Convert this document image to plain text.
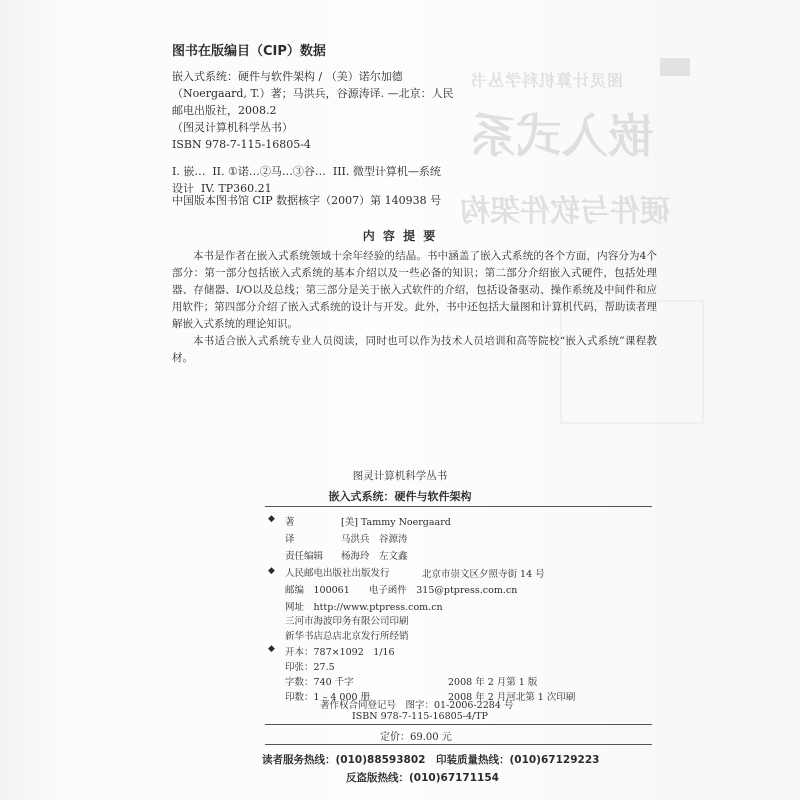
图灵计算机科学丛书
嵌入式系
硬件与软件架构
图书在版编目（CIP）数据
嵌入式系统：硬件与软件架构 / （美）诺尔加德
（Noergaard, T.）著；马洪兵，谷源涛译. —北京：人民
邮电出版社，2008.2
（图灵计算机科学丛书）
ISBN 978-7-115-16805-4
I. 嵌…  II. ①诺…②马…③谷…  III. 微型计算机—系统
设计  IV. TP360.21
中国版本图书馆 CIP 数据核字（2007）第 140938 号
内 容 提 要

本书是作者在嵌入式系统领域十余年经验的结晶。书中涵盖了嵌入式系统的各个方面，内容分为4个部分：第一部分包括嵌入式系统的基本介绍以及一些必备的知识；第二部分介绍嵌入式硬件，包括处理器、存储器、I/O以及总线；第三部分是关于嵌入式软件的介绍，包括设备驱动、操作系统及中间件和应用软件；第四部分介绍了嵌入式系统的设计与开发。此外，书中还包括大量图和计算机代码，帮助读者理解嵌入式系统的理论知识。

本书适合嵌入式系统专业人员阅读，同时也可以作为技术人员培训和高等院校“嵌入式系统”课程教材。

图灵计算机科学丛书
嵌入式系统：硬件与软件架构
◆ 著	[美] Tammy Noergaard
译	马洪兵　谷源涛
责任编辑 杨海玲　左文鑫
◆ 人民邮电出版社出版发行	北京市崇文区夕照寺街 14 号
邮编　100061　　电子函件　315@ptpress.com.cn
网址　http://www.ptpress.com.cn
三河市海波印务有限公司印刷
新华书店总店北京发行所经销
◆ 开本：787×1092　1/16
印张：27.5
字数：740 千字	2008 年 2 月第 1 版
印数：1 – 4 000 册	2008 年 2 月河北第 1 次印刷
著作权合同登记号　图字：01-2006-2284 号
ISBN 978-7-115-16805-4/TP
定价：69.00 元
读者服务热线：(010)88593802　印装质量热线：(010)67129223
反盗版热线：(010)67171154
